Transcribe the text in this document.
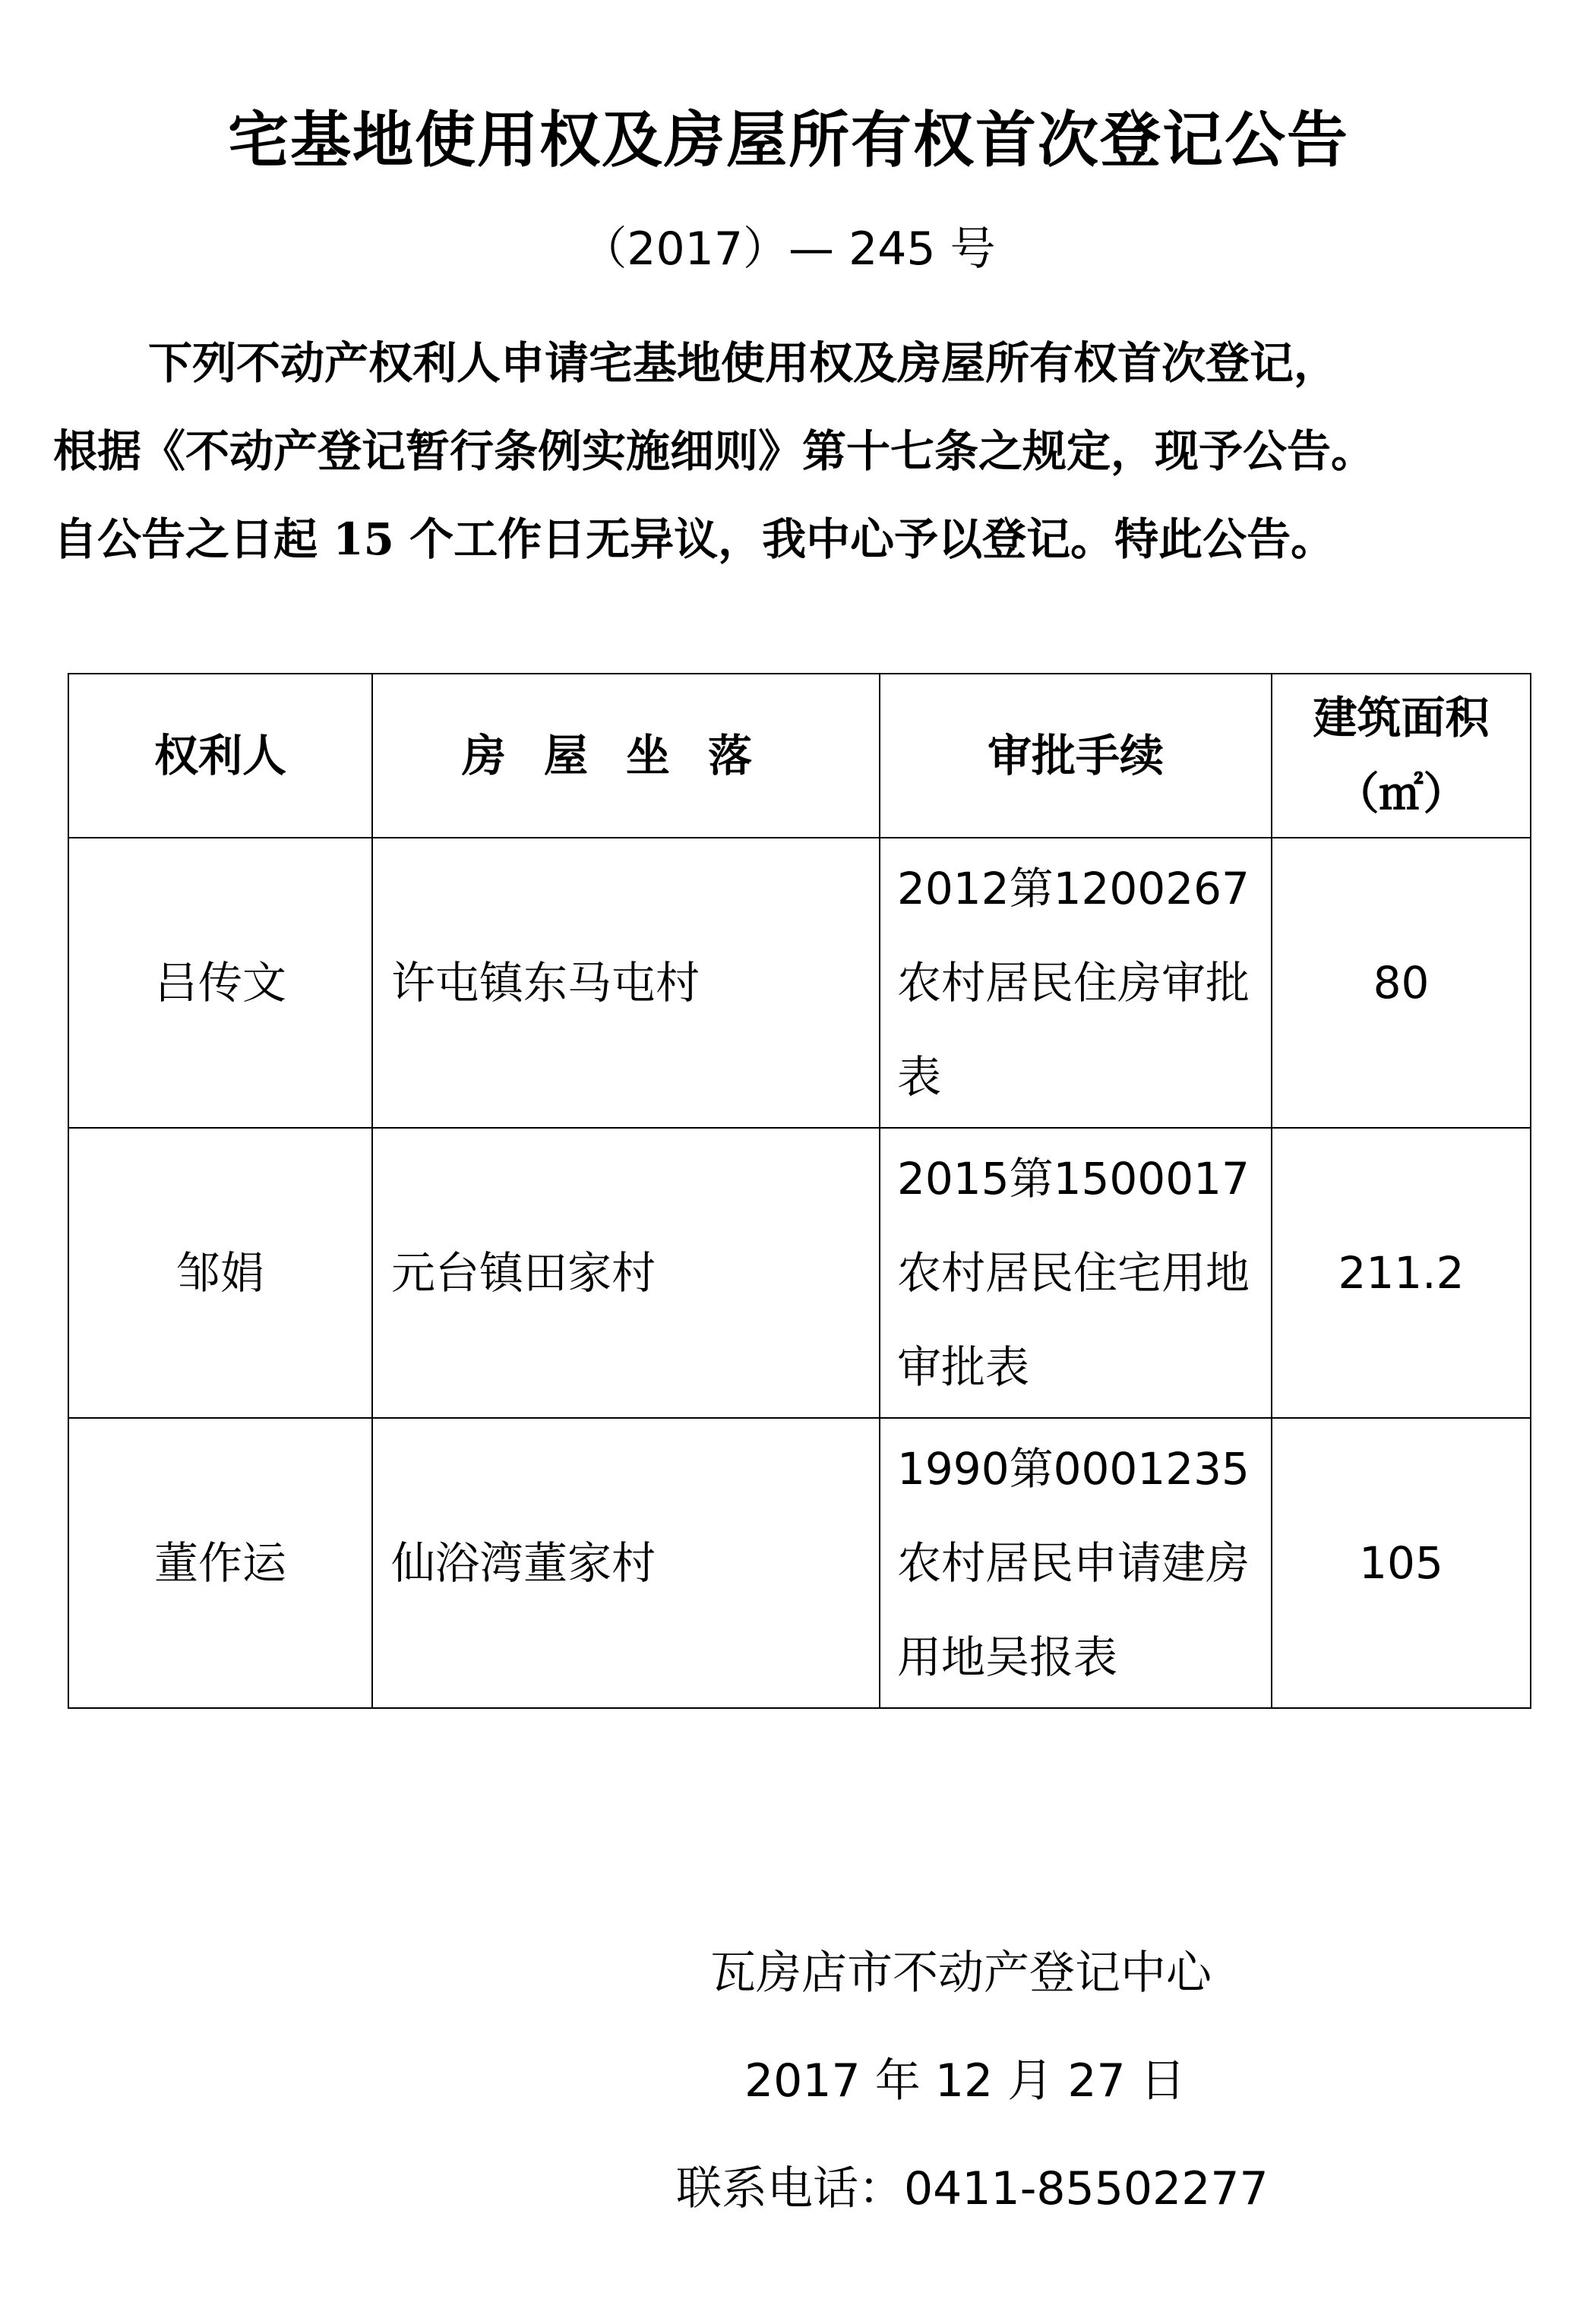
宅基地使用权及房屋所有权首次登记公告
（2017）— 245 号

下列不动产权利人申请宅基地使用权及房屋所有权首次登记，

根据《不动产登记暂行条例实施细则》第十七条之规定，现予公告。

自公告之日起 15 个工作日无异议，我中心予以登记。特此公告。

权利人	房屋坐落	审批手续	建筑面积
（㎡）

吕传文	许屯镇东马屯村	2012第1200267农村居民住房审批表	80
邹娟	元台镇田家村	2015第1500017农村居民住宅用地审批表	211.2
董作运	仙浴湾董家村	1990第0001235农村居民申请建房用地吴报表	105
瓦房店市不动产登记中心
2017 年 12 月 27 日
联系电话：0411-85502277
